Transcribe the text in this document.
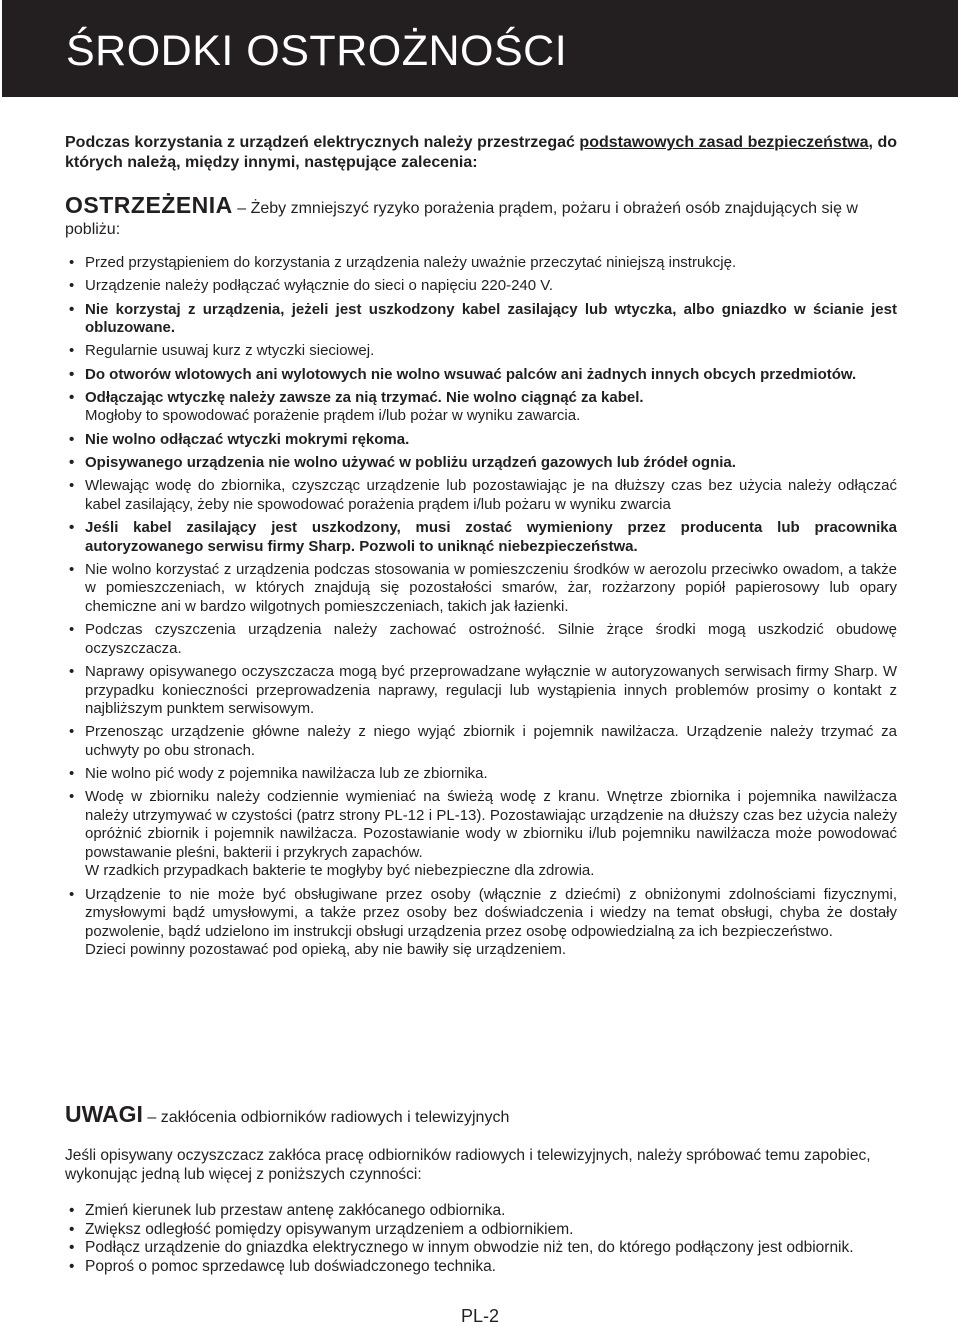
ŚRODKI OSTROŻNOŚCI

Podczas korzystania z urządzeń elektrycznych należy przestrzegać podstawowych zasad bezpieczeństwa, do których należą, między innymi, następujące zalecenia:

OSTRZEŻENIA – Żeby zmniejszyć ryzyko porażenia prądem, pożaru i obrażeń osób znajdujących się w pobliżu:
• Przed przystąpieniem do korzystania z urządzenia należy uważnie przeczytać niniejszą instrukcję.
• Urządzenie należy podłączać wyłącznie do sieci o napięciu 220-240 V.
• Nie korzystaj z urządzenia, jeżeli jest uszkodzony kabel zasilający lub wtyczka, albo gniazdko w ścianie jest obluzowane.
• Regularnie usuwaj kurz z wtyczki sieciowej.
• Do otworów wlotowych ani wylotowych nie wolno wsuwać palców ani żadnych innych obcych przedmiotów.
• Odłączając wtyczkę należy zawsze za nią trzymać. Nie wolno ciągnąć za kabel.
Mogłoby to spowodować porażenie prądem i/lub pożar w wyniku zawarcia.
• Nie wolno odłączać wtyczki mokrymi rękoma.
• Opisywanego urządzenia nie wolno używać w pobliżu urządzeń gazowych lub źródeł ognia.
• Wlewając wodę do zbiornika, czyszcząc urządzenie lub pozostawiając je na dłuższy czas bez użycia należy odłączać kabel zasilający, żeby nie spowodować porażenia prądem i/lub pożaru w wyniku zwarcia
• Jeśli kabel zasilający jest uszkodzony, musi zostać wymieniony przez producenta lub pracownika autoryzowanego serwisu firmy Sharp. Pozwoli to uniknąć niebezpieczeństwa.
• Nie wolno korzystać z urządzenia podczas stosowania w pomieszczeniu środków w aerozolu przeciwko owadom, a także w pomieszczeniach, w których znajdują się pozostałości smarów, żar, rozżarzony popiół papierosowy lub opary chemiczne ani w bardzo wilgotnych pomieszczeniach, takich jak łazienki.
• Podczas czyszczenia urządzenia należy zachować ostrożność. Silnie żrące środki mogą uszkodzić obudowę oczyszczacza.
• Naprawy opisywanego oczyszczacza mogą być przeprowadzane wyłącznie w autoryzowanych serwisach firmy Sharp. W przypadku konieczności przeprowadzenia naprawy, regulacji lub wystąpienia innych problemów prosimy o kontakt z najbliższym punktem serwisowym.
• Przenosząc urządzenie główne należy z niego wyjąć zbiornik i pojemnik nawilżacza. Urządzenie należy trzymać za uchwyty po obu stronach.
• Nie wolno pić wody z pojemnika nawilżacza lub ze zbiornika.
• Wodę w zbiorniku należy codziennie wymieniać na świeżą wodę z kranu. Wnętrze zbiornika i pojemnika nawilżacza należy utrzymywać w czystości (patrz strony PL-12 i PL-13). Pozostawiając urządzenie na dłuższy czas bez użycia należy opróżnić zbiornik i pojemnik nawilżacza. Pozostawianie wody w zbiorniku i/lub pojemniku nawilżacza może powodować powstawanie pleśni, bakterii i przykrych zapachów.
W rzadkich przypadkach bakterie te mogłyby być niebezpieczne dla zdrowia.
• Urządzenie to nie może być obsługiwane przez osoby (włącznie z dziećmi) z obniżonymi zdolnościami fizycznymi, zmysłowymi bądź umysłowymi, a także przez osoby bez doświadczenia i wiedzy na temat obsługi, chyba że dostały pozwolenie, bądź udzielono im instrukcji obsługi urządzenia przez osobę odpowiedzialną za ich bezpieczeństwo.
Dzieci powinny pozostawać pod opieką, aby nie bawiły się urządzeniem.
UWAGI – zakłócenia odbiorników radiowych i telewizyjnych
Jeśli opisywany oczyszczacz zakłóca pracę odbiorników radiowych i telewizyjnych, należy spróbować temu zapobiec, wykonując jedną lub więcej z poniższych czynności:
• Zmień kierunek lub przestaw antenę zakłócanego odbiornika.
• Zwiększ odległość pomiędzy opisywanym urządzeniem a odbiornikiem.
• Podłącz urządzenie do gniazdka elektrycznego w innym obwodzie niż ten, do którego podłączony jest odbiornik.
• Poproś o pomoc sprzedawcę lub doświadczonego technika.
PL-2
